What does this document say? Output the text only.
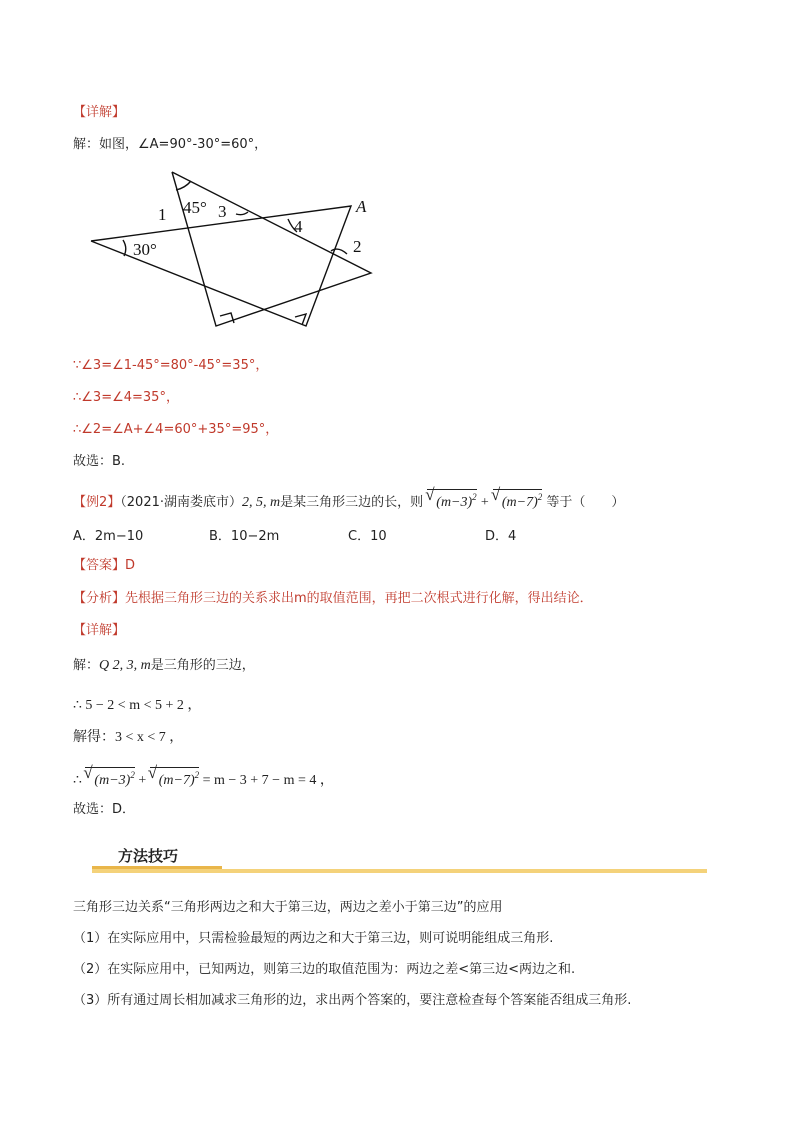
【详解】
解：如图，∠A=90°-30°=60°，
A
1
2
3
4
45°
30°
∵∠3=∠1-45°=80°-45°=35°，
∴∠3=∠4=35°，
∴∠2=∠A+∠4=60°+35°=95°，
故选：B.
【例2】（2021·湖南娄底市）2, 5, m是某三角形三边的长，则 √ $(m-3)^2$ + √ $(m-7)^2$ 等于（　　）
A．2m−10	B．10−2m	C．10	D．4
【答案】D
【分析】先根据三角形三边的关系求出m的取值范围，再把二次根式进行化解，得出结论．
【详解】
解：Q 2, 3, m是三角形的三边，
∴ 5 − 2 < m < 5 + 2 ，
解得：3 < x < 7 ，
∴ √ $(m-3)^2$ + √ $(m-7)^2 = m - 3 + 7 - m = 4$ ，
故选：D．
方法技巧
三角形三边关系“三角形两边之和大于第三边，两边之差小于第三边”的应用
（1）在实际应用中，只需检验最短的两边之和大于第三边，则可说明能组成三角形.
（2）在实际应用中，已知两边，则第三边的取值范围为：两边之差<第三边<两边之和.
（3）所有通过周长相加减求三角形的边，求出两个答案的，要注意检查每个答案能否组成三角形.
